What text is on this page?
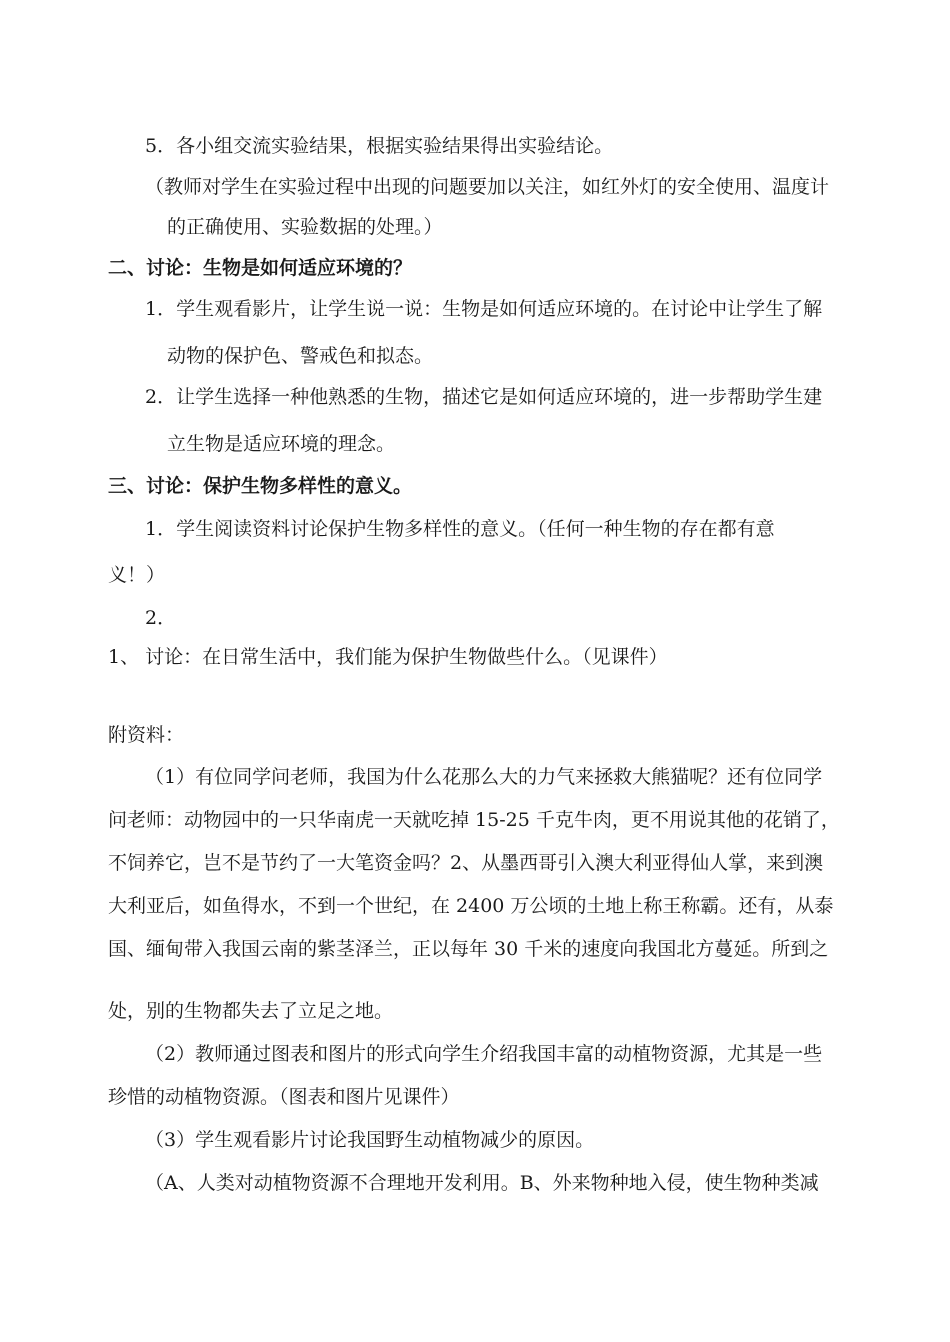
5．各小组交流实验结果，根据实验结果得出实验结论。
（教师对学生在实验过程中出现的问题要加以关注，如红外灯的安全使用、温度计
的正确使用、实验数据的处理。）
二、讨论：生物是如何适应环境的？
1．学生观看影片，让学生说一说：生物是如何适应环境的。在讨论中让学生了解
动物的保护色、警戒色和拟态。
2．让学生选择一种他熟悉的生物，描述它是如何适应环境的，进一步帮助学生建
立生物是适应环境的理念。
三、讨论：保护生物多样性的意义。
1．学生阅读资料讨论保护生物多样性的意义。（任何一种生物的存在都有意
义！）
2．
1、 讨论：在日常生活中，我们能为保护生物做些什么。（见课件）
附资料：
（1）有位同学问老师，我国为什么花那么大的力气来拯救大熊猫呢？还有位同学
问老师：动物园中的一只华南虎一天就吃掉 15-25 千克牛肉，更不用说其他的花销了，
不饲养它，岂不是节约了一大笔资金吗？2、从墨西哥引入澳大利亚得仙人掌，来到澳
大利亚后，如鱼得水，不到一个世纪，在 2400 万公顷的土地上称王称霸。还有，从泰
国、缅甸带入我国云南的紫茎泽兰，正以每年 30 千米的速度向我国北方蔓延。所到之
处，别的生物都失去了立足之地。
（2）教师通过图表和图片的形式向学生介绍我国丰富的动植物资源，尤其是一些
珍惜的动植物资源。（图表和图片见课件）
（3）学生观看影片讨论我国野生动植物减少的原因。
（A、人类对动植物资源不合理地开发利用。B、外来物种地入侵，使生物种类减
